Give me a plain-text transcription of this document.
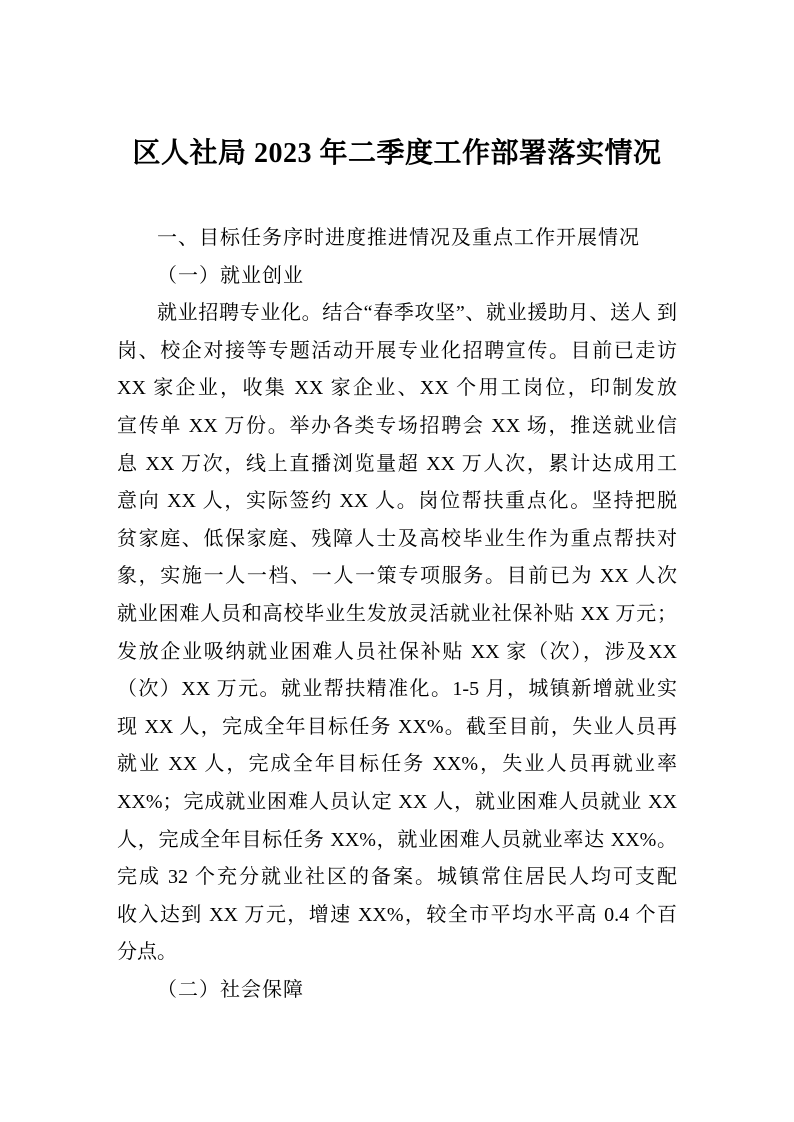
区人社局 2023 年二季度工作部署落实情况
一、目标任务序时进度推进情况及重点工作开展情况
（一）就业创业
就业招聘专业化。结合“春季攻坚”、就业援助月、送人 到
岗、校企对接等专题活动开展专业化招聘宣传。目前已走访
XX 家企业，收集 XX 家企业、XX 个用工岗位，印制发放
宣传单 XX 万份。举办各类专场招聘会 XX 场，推送就业信
息 XX 万次，线上直播浏览量超 XX 万人次，累计达成用工
意向 XX 人，实际签约 XX 人。岗位帮扶重点化。坚持把脱
贫家庭、低保家庭、残障人士及高校毕业生作为重点帮扶对
象，实施一人一档、一人一策专项服务。目前已为 XX 人次
就业困难人员和高校毕业生发放灵活就业社保补贴 XX 万元；
发放企业吸纳就业困难人员社保补贴 XX 家（次），涉及XX
（次）XX 万元。就业帮扶精准化。1-5 月，城镇新增就业实
现 XX 人，完成全年目标任务 XX%。截至目前，失业人员再
就业 XX 人，完成全年目标任务 XX%，失业人员再就业率
XX%；完成就业困难人员认定 XX 人，就业困难人员就业 XX
人，完成全年目标任务 XX%，就业困难人员就业率达 XX%。
完成 32 个充分就业社区的备案。城镇常住居民人均可支配
收入达到 XX 万元，增速 XX%，较全市平均水平高 0.4 个百
分点。
（二）社会保障
